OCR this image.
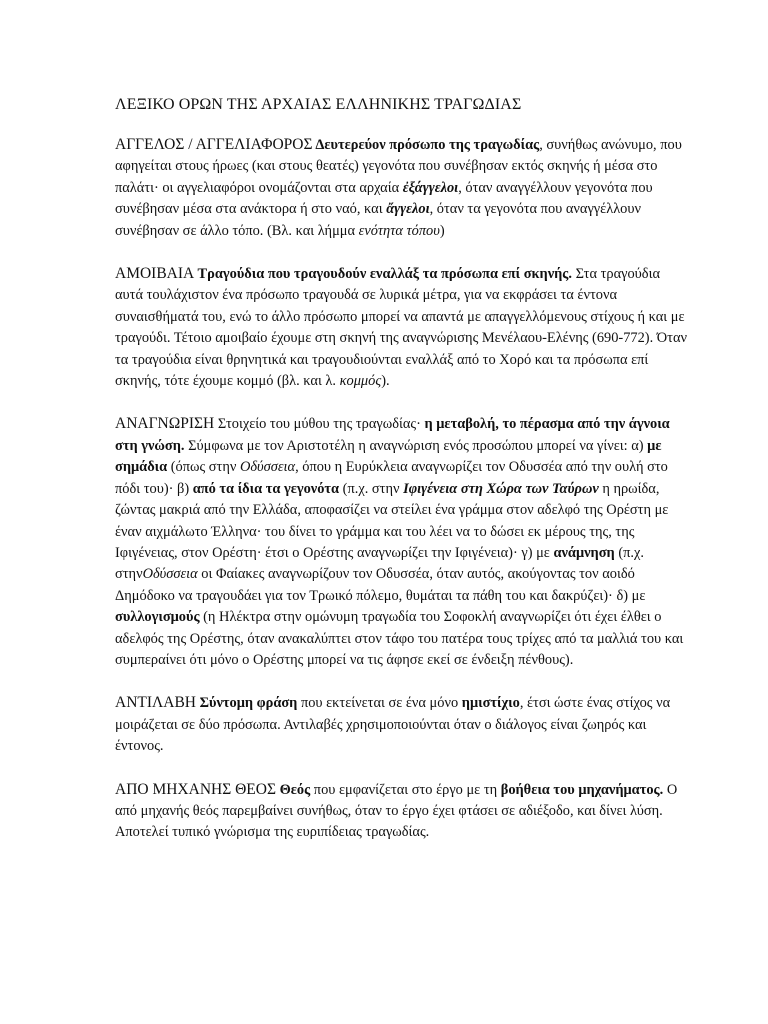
ΛΕΞΙΚΟ ΟΡΩΝ ΤΗΣ ΑΡΧΑΙΑΣ ΕΛΛΗΝΙΚΗΣ ΤΡΑΓΩΔΙΑΣ
ΑΓΓΕΛΟΣ / ΑΓΓΕΛΙΑΦΟΡΟΣ Δευτερεύον πρόσωπο της τραγωδίας, συνήθως ανώνυμο, που αφηγείται στους ήρωες (και στους θεατές) γεγονότα που συνέβησαν εκτός σκηνής ή μέσα στο παλάτι· οι αγγελιαφόροι ονομάζονται στα αρχαία ἐξάγγελοι, όταν αναγγέλλουν γεγονότα που συνέβησαν μέσα στα ανάκτορα ή στο ναό, και ἄγγελοι, όταν τα γεγονότα που αναγγέλλουν συνέβησαν σε άλλο τόπο. (Βλ. και λήμμα ενότητα τόπου)
ΑΜΟΙΒΑΙΑ Τραγούδια που τραγουδούν εναλλάξ τα πρόσωπα επί σκηνής. Στα τραγούδια αυτά τουλάχιστον ένα πρόσωπο τραγουδά σε λυρικά μέτρα, για να εκφράσει τα έντονα συναισθήματά του, ενώ το άλλο πρόσωπο μπορεί να απαντά με απαγγελλόμενους στίχους ή και με τραγούδι. Τέτοιο αμοιβαίο έχουμε στη σκηνή της αναγνώρισης Μενέλαου-Ελένης (690-772). Όταν τα τραγούδια είναι θρηνητικά και τραγουδιούνται εναλλάξ από το Χορό και τα πρόσωπα επί σκηνής, τότε έχουμε κομμό (βλ. και λ. κομμός).
ΑΝΑΓΝΩΡΙΣΗ Στοιχείο του μύθου της τραγωδίας· η μεταβολή, το πέρασμα από την άγνοια στη γνώση. Σύμφωνα με τον Αριστοτέλη η αναγνώριση ενός προσώπου μπορεί να γίνει: α) με σημάδια (όπως στην Οδύσσεια, όπου η Ευρύκλεια αναγνωρίζει τον Οδυσσέα από την ουλή στο πόδι του)· β) από τα ίδια τα γεγονότα (π.χ. στην Ιφιγένεια στη Χώρα των Ταύρων η ηρωίδα, ζώντας μακριά από την Ελλάδα, αποφασίζει να στείλει ένα γράμμα στον αδελφό της Ορέστη με έναν αιχμάλωτο Έλληνα· του δίνει το γράμμα και του λέει να το δώσει εκ μέρους της, της Ιφιγένειας, στον Ορέστη· έτσι ο Ορέστης αναγνωρίζει την Ιφιγένεια)· γ) με ανάμνηση (π.χ. στηνΟδύσσεια οι Φαίακες αναγνωρίζουν τον Οδυσσέα, όταν αυτός, ακούγοντας τον αοιδό Δημόδοκο να τραγουδάει για τον Τρωικό πόλεμο, θυμάται τα πάθη του και δακρύζει)· δ) με συλλογισμούς (η Ηλέκτρα στην ομώνυμη τραγωδία του Σοφοκλή αναγνωρίζει ότι έχει έλθει ο αδελφός της Ορέστης, όταν ανακαλύπτει στον τάφο του πατέρα τους τρίχες από τα μαλλιά του και συμπεραίνει ότι μόνο ο Ορέστης μπορεί να τις άφησε εκεί σε ένδειξη πένθους).
ΑΝΤΙΛΑΒΗ Σύντομη φράση που εκτείνεται σε ένα μόνο ημιστίχιο, έτσι ώστε ένας στίχος να μοιράζεται σε δύο πρόσωπα. Αντιλαβές χρησιμοποιούνται όταν ο διάλογος είναι ζωηρός και έντονος.
ΑΠΟ ΜΗΧΑΝΗΣ ΘΕΟΣ Θεός που εμφανίζεται στο έργο με τη βοήθεια του μηχανήματος. Ο από μηχανής θεός παρεμβαίνει συνήθως, όταν το έργο έχει φτάσει σε αδιέξοδο, και δίνει λύση. Αποτελεί τυπικό γνώρισμα της ευριπίδειας τραγωδίας.
